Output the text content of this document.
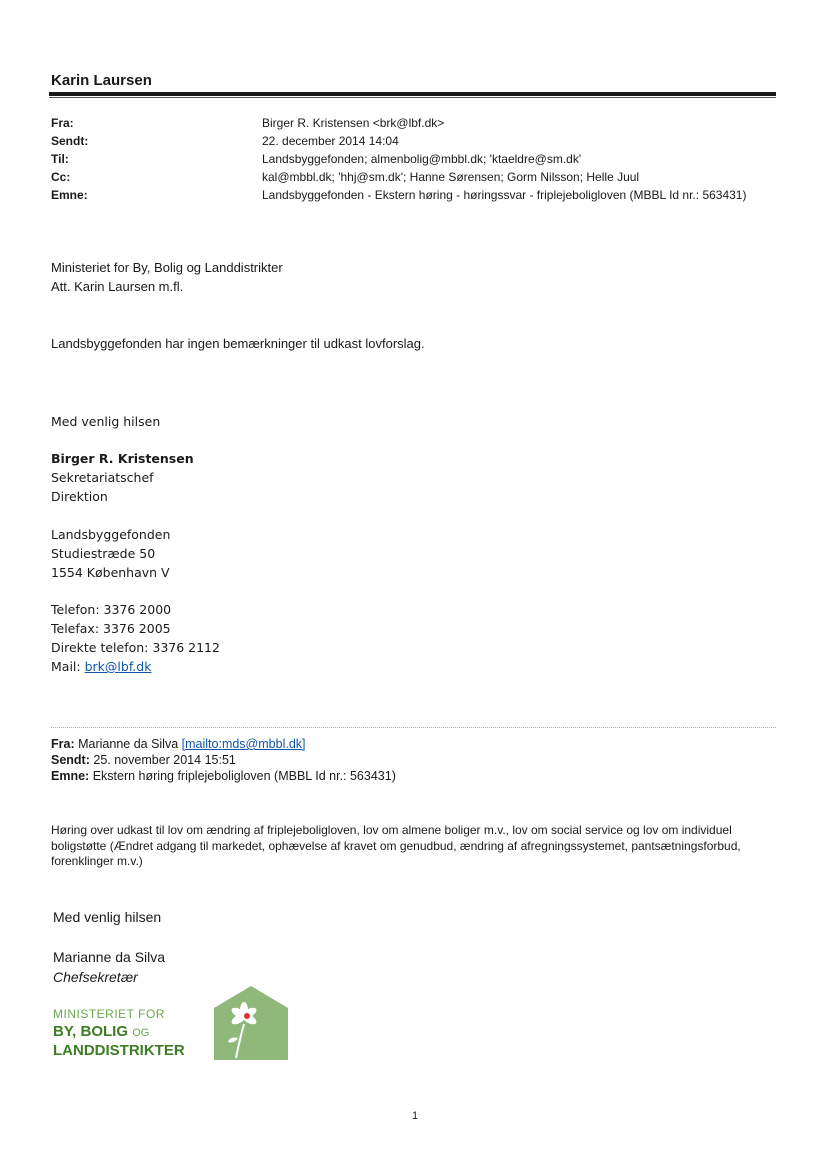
Karin Laursen
Fra:	Birger R. Kristensen <brk@lbf.dk>
Sendt:	22. december 2014 14:04
Til:	Landsbyggefonden; almenbolig@mbbl.dk; 'ktaeldre@sm.dk'
Cc:	kal@mbbl.dk; 'hhj@sm.dk'; Hanne Sørensen; Gorm Nilsson; Helle Juul
Emne:	Landsbyggefonden - Ekstern høring - høringssvar - friplejeboligloven (MBBL Id nr.: 563431)
Ministeriet for By, Bolig og Landdistrikter
Att. Karin Laursen m.fl.
Landsbyggefonden har ingen bemærkninger til udkast lovforslag.
Med venlig hilsen
Birger R. Kristensen
Sekretariatschef
Direktion
Landsbyggefonden
Studiestræde 50
1554 København V
Telefon: 3376 2000
Telefax: 3376 2005
Direkte telefon: 3376 2112
Mail: brk@lbf.dk
Fra: Marianne da Silva [mailto:mds@mbbl.dk]
Sendt: 25. november 2014 15:51
Emne: Ekstern høring friplejeboligloven (MBBL Id nr.: 563431)
Høring over udkast til lov om ændring af friplejeboligloven, lov om almene boliger m.v., lov om social service og lov om individuel boligstøtte (Ændret adgang til markedet, ophævelse af kravet om genudbud, ændring af afregningssystemet, pantsætningsforbud, forenklinger m.v.)
Med venlig hilsen
Marianne da Silva
Chefsekretær
MINISTERIET FOR
BY, BOLIG OG
LANDDISTRIKTER
1
